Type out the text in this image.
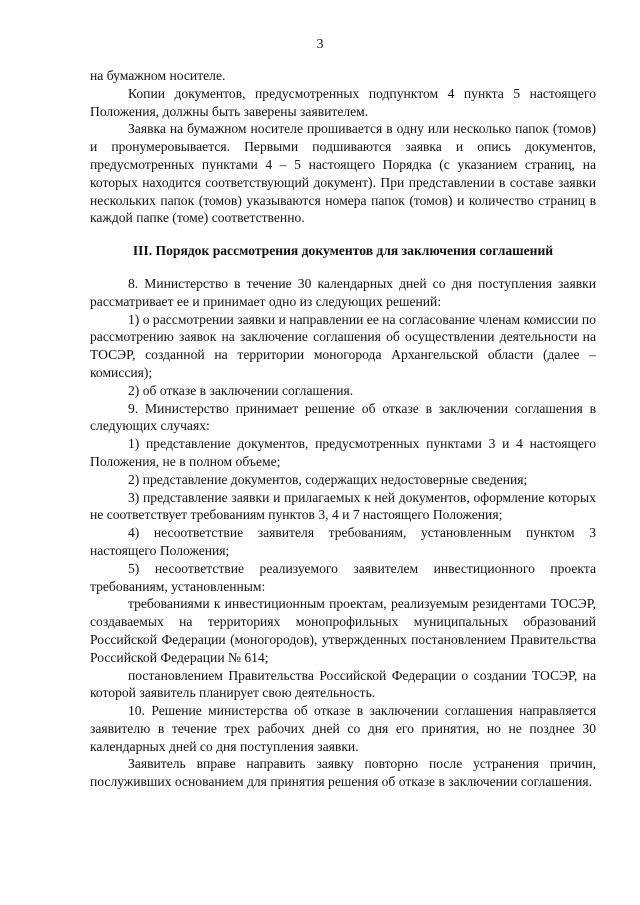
3

на бумажном носителе.

Копии документов, предусмотренных подпунктом 4 пункта 5 настоящего Положения, должны быть заверены заявителем.

Заявка на бумажном носителе прошивается в одну или несколько папок (томов) и пронумеровывается. Первыми подшиваются заявка и опись документов, предусмотренных пунктами 4 – 5 настоящего Порядка (с указанием страниц, на которых находится соответствующий документ). При представлении в составе заявки нескольких папок (томов) указываются номера папок (томов) и количество страниц в каждой папке (томе) соответственно.

III. Порядок рассмотрения документов для заключения соглашений

8. Министерство в течение 30 календарных дней со дня поступления заявки рассматривает ее и принимает одно из следующих решений:

1) о рассмотрении заявки и направлении ее на согласование членам комиссии по рассмотрению заявок на заключение соглашения об осуществлении деятельности на ТОСЭР, созданной на территории моногорода Архангельской области (далее – комиссия);

2) об отказе в заключении соглашения.

9. Министерство принимает решение об отказе в заключении соглашения в следующих случаях:

1) представление документов, предусмотренных пунктами 3 и 4 настоящего Положения, не в полном объеме;

2) представление документов, содержащих недостоверные сведения;

3) представление заявки и прилагаемых к ней документов, оформление которых не соответствует требованиям пунктов 3, 4 и 7 настоящего Положения;

4) несоответствие заявителя требованиям, установленным пунктом 3 настоящего Положения;

5) несоответствие реализуемого заявителем инвестиционного проекта требованиям, установленным:

требованиями к инвестиционным проектам, реализуемым резидентами ТОСЭР, создаваемых на территориях монопрофильных муниципальных образований Российской Федерации (моногородов), утвержденных постановлением Правительства Российской Федерации № 614;

постановлением Правительства Российской Федерации о создании ТОСЭР, на которой заявитель планирует свою деятельность.

10. Решение министерства об отказе в заключении соглашения направляется заявителю в течение трех рабочих дней со дня его принятия, но не позднее 30 календарных дней со дня поступления заявки.

Заявитель вправе направить заявку повторно после устранения причин, послуживших основанием для принятия решения об отказе в заключении соглашения.
